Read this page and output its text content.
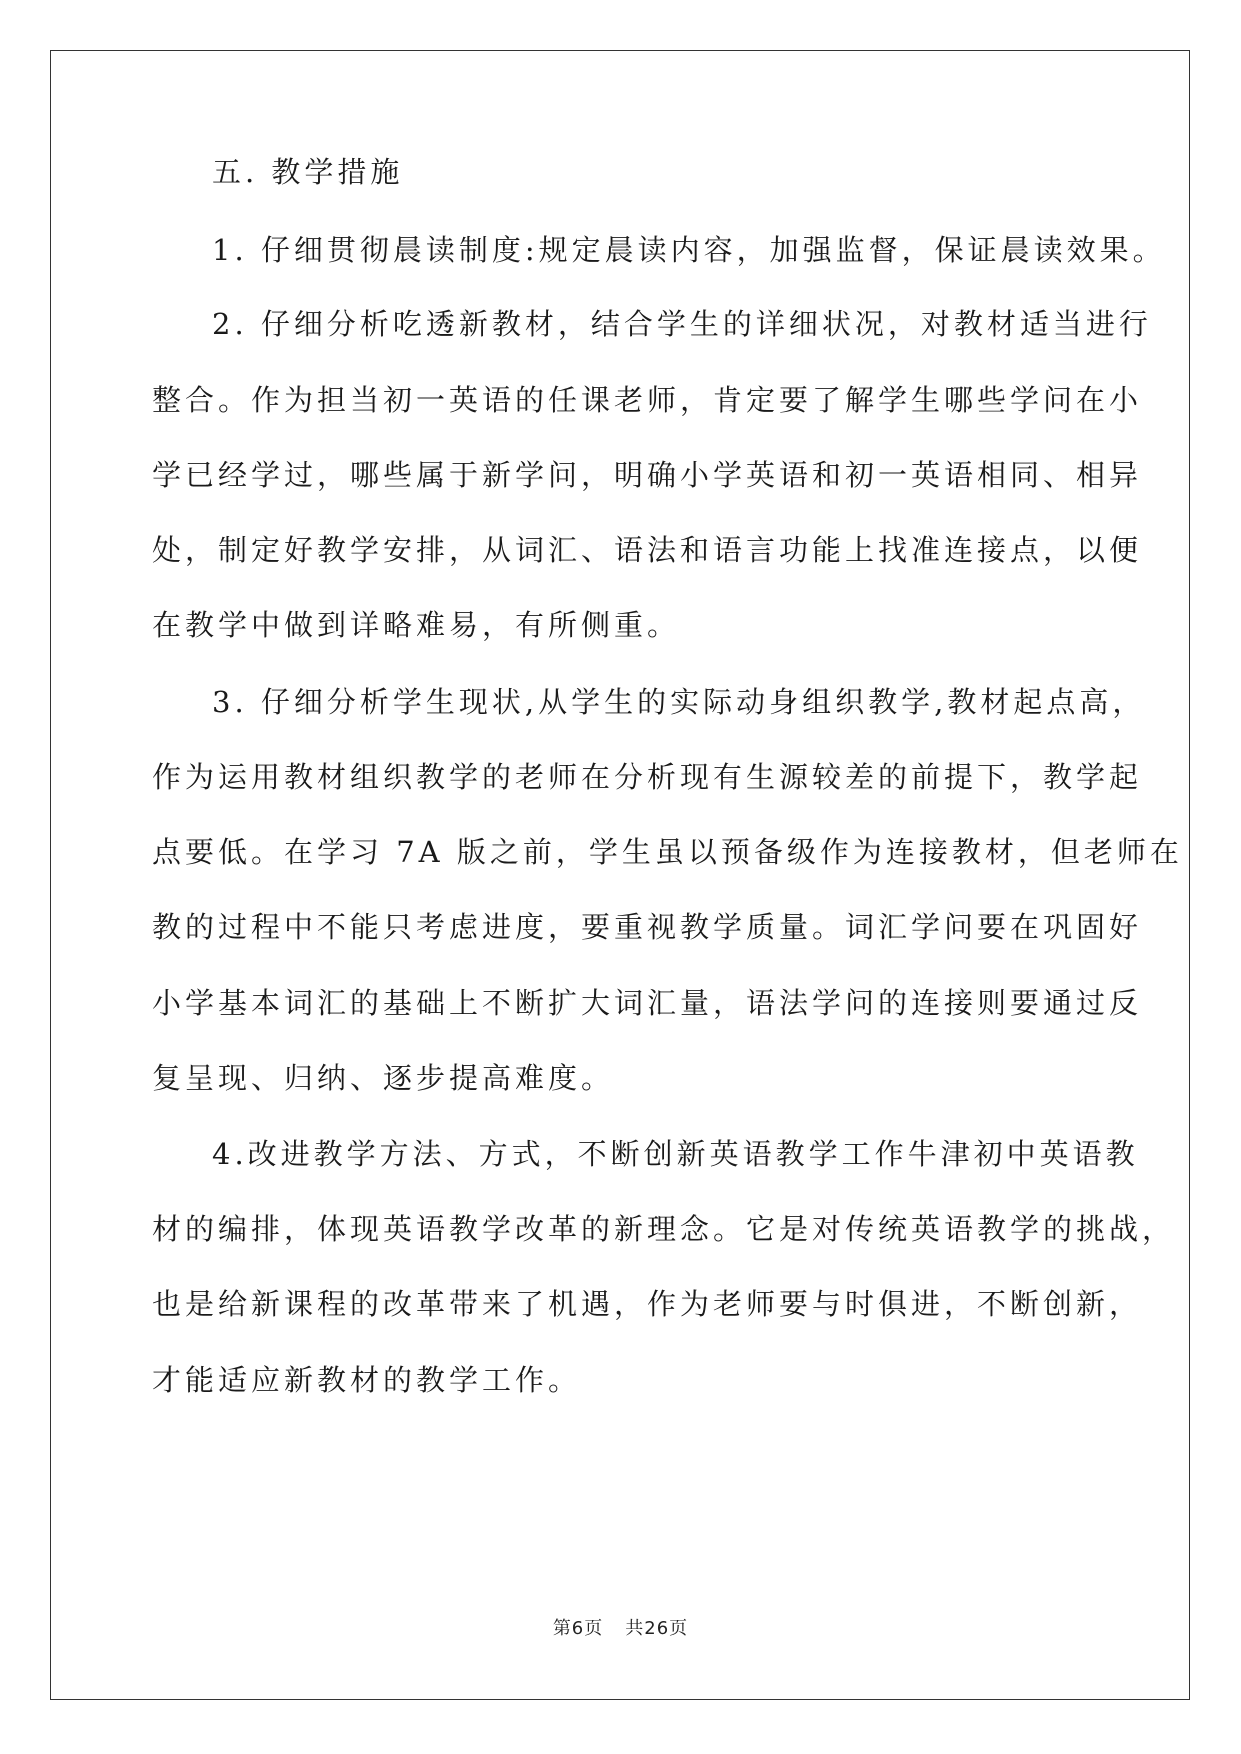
五. 教学措施
1. 仔细贯彻晨读制度:规定晨读内容，加强监督，保证晨读效果。
2. 仔细分析吃透新教材，结合学生的详细状况，对教材适当进行
整合。作为担当初一英语的任课老师，肯定要了解学生哪些学问在小
学已经学过，哪些属于新学问，明确小学英语和初一英语相同、相异
处，制定好教学安排，从词汇、语法和语言功能上找准连接点，以便
在教学中做到详略难易，有所侧重。
3. 仔细分析学生现状,从学生的实际动身组织教学,教材起点高，
作为运用教材组织教学的老师在分析现有生源较差的前提下，教学起
点要低。在学习 7A 版之前，学生虽以预备级作为连接教材，但老师在
教的过程中不能只考虑进度，要重视教学质量。词汇学问要在巩固好
小学基本词汇的基础上不断扩大词汇量，语法学问的连接则要通过反
复呈现、归纳、逐步提高难度。
4.改进教学方法、方式，不断创新英语教学工作牛津初中英语教
材的编排，体现英语教学改革的新理念。它是对传统英语教学的挑战，
也是给新课程的改革带来了机遇，作为老师要与时俱进，不断创新，
才能适应新教材的教学工作。
第6页 共26页
